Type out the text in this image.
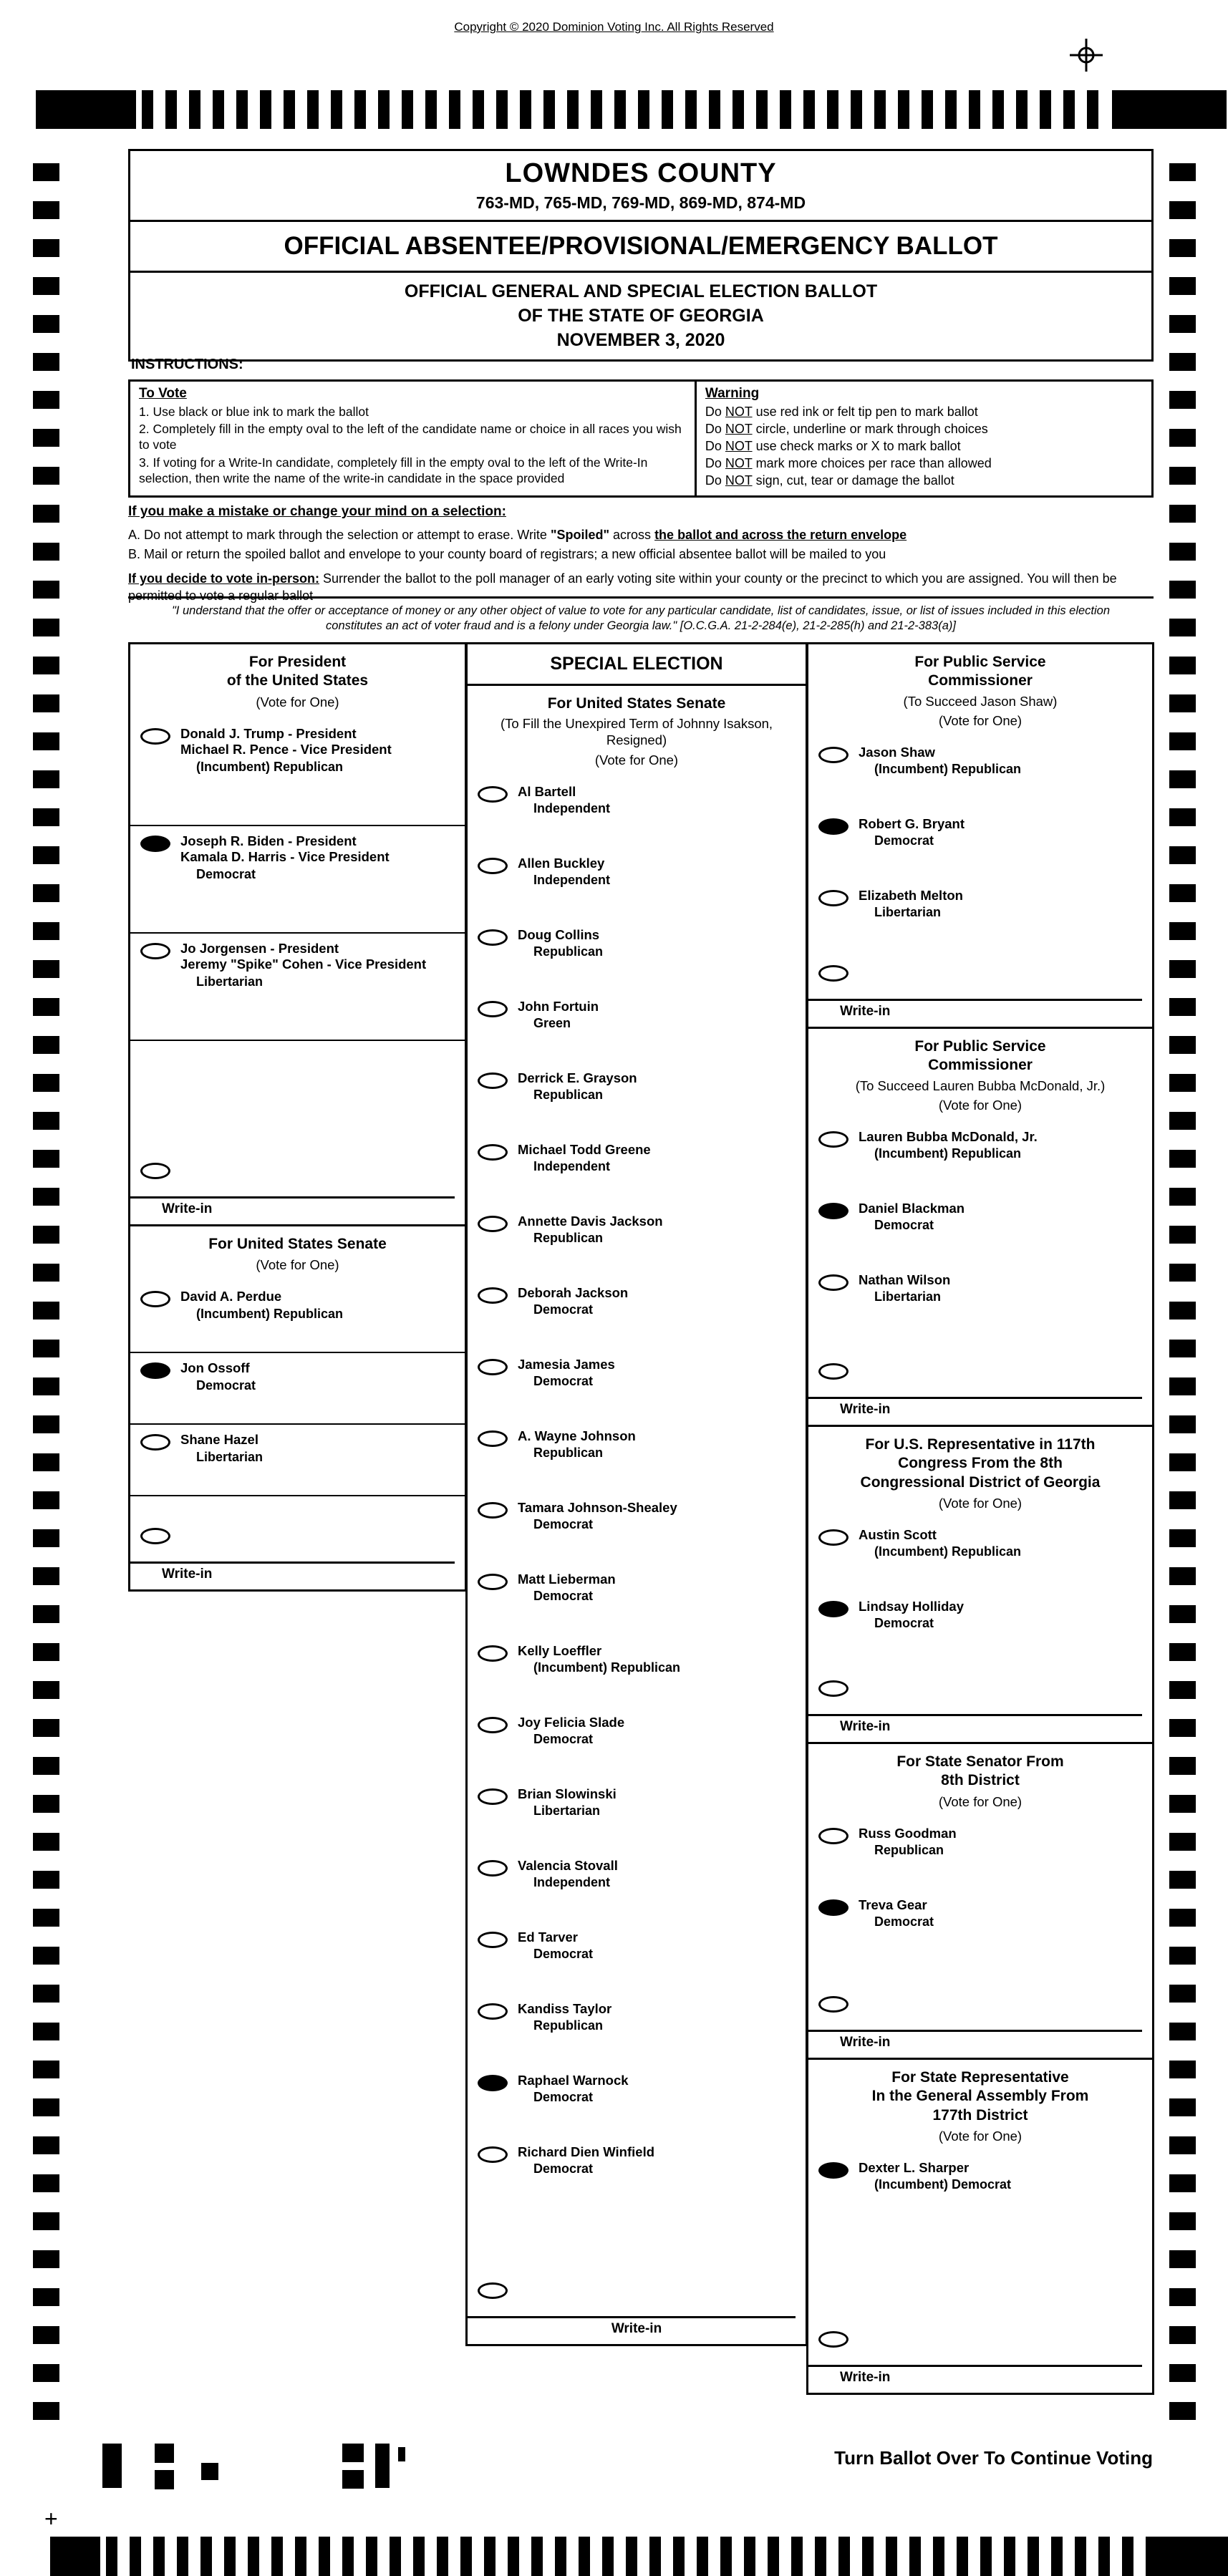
Copyright © 2020 Dominion Voting Inc. All Rights Reserved
LOWNDES COUNTY
763-MD, 765-MD, 769-MD, 869-MD, 874-MD
OFFICIAL ABSENTEE/PROVISIONAL/EMERGENCY BALLOT
OFFICIAL GENERAL AND SPECIAL ELECTION BALLOT
OF THE STATE OF GEORGIA
NOVEMBER 3, 2020
INSTRUCTIONS:
To Vote
1. Use black or blue ink to mark the ballot
2. Completely fill in the empty oval to the left of the candidate name or choice in all races you wish to vote
3. If voting for a Write-In candidate, completely fill in the empty oval to the left of the Write-In selection, then write the name of the write-in candidate in the space provided
Warning
Do NOT use red ink or felt tip pen to mark ballot
Do NOT circle, underline or mark through choices
Do NOT use check marks or X to mark ballot
Do NOT mark more choices per race than allowed
Do NOT sign, cut, tear or damage the ballot
If you make a mistake or change your mind on a selection:
A. Do not attempt to mark through the selection or attempt to erase. Write "Spoiled" across the ballot and across the return envelope
B. Mail or return the spoiled ballot and envelope to your county board of registrars; a new official absentee ballot will be mailed to you
If you decide to vote in-person: Surrender the ballot to the poll manager of an early voting site within your county or the precinct to which you are assigned. You will then be permitted to vote a regular ballot
"I understand that the offer or acceptance of money or any other object of value to vote for any particular candidate, list of candidates, issue, or list of issues included in this election constitutes an act of voter fraud and is a felony under Georgia law." [O.C.G.A. 21-2-284(e), 21-2-285(h) and 21-2-383(a)]
For President
of the United States
(Vote for One)
Donald J. Trump - President
Michael R. Pence - Vice President
(Incumbent) Republican
Joseph R. Biden - President
Kamala D. Harris - Vice President
Democrat
Jo Jorgensen - President
Jeremy "Spike" Cohen - Vice President
Libertarian
Write-in
For United States Senate
(Vote for One)
David A. Perdue
(Incumbent) Republican
Jon Ossoff
Democrat
Shane Hazel
Libertarian
Write-in
SPECIAL ELECTION
For United States Senate
(To Fill the Unexpired Term of Johnny Isakson, Resigned)
(Vote for One)
Al Bartell
Independent
Allen Buckley
Independent
Doug Collins
Republican
John Fortuin
Green
Derrick E. Grayson
Republican
Michael Todd Greene
Independent
Annette Davis Jackson
Republican
Deborah Jackson
Democrat
Jamesia James
Democrat
A. Wayne Johnson
Republican
Tamara Johnson-Shealey
Democrat
Matt Lieberman
Democrat
Kelly Loeffler
(Incumbent) Republican
Joy Felicia Slade
Democrat
Brian Slowinski
Libertarian
Valencia Stovall
Independent
Ed Tarver
Democrat
Kandiss Taylor
Republican
Raphael Warnock
Democrat
Richard Dien Winfield
Democrat
Write-in
For Public Service
Commissioner
(To Succeed Jason Shaw)
(Vote for One)
Jason Shaw
(Incumbent) Republican
Robert G. Bryant
Democrat
Elizabeth Melton
Libertarian
Write-in
For Public Service
Commissioner
(To Succeed Lauren Bubba McDonald, Jr.)
(Vote for One)
Lauren Bubba McDonald, Jr.
(Incumbent) Republican
Daniel Blackman
Democrat
Nathan Wilson
Libertarian
Write-in
For U.S. Representative in 117th
Congress From the 8th
Congressional District of Georgia
(Vote for One)
Austin Scott
(Incumbent) Republican
Lindsay Holliday
Democrat
Write-in
For State Senator From
8th District
(Vote for One)
Russ Goodman
Republican
Treva Gear
Democrat
Write-in
For State Representative
In the General Assembly From
177th District
(Vote for One)
Dexter L. Sharper
(Incumbent) Democrat
Write-in
Turn Ballot Over To Continue Voting
+
